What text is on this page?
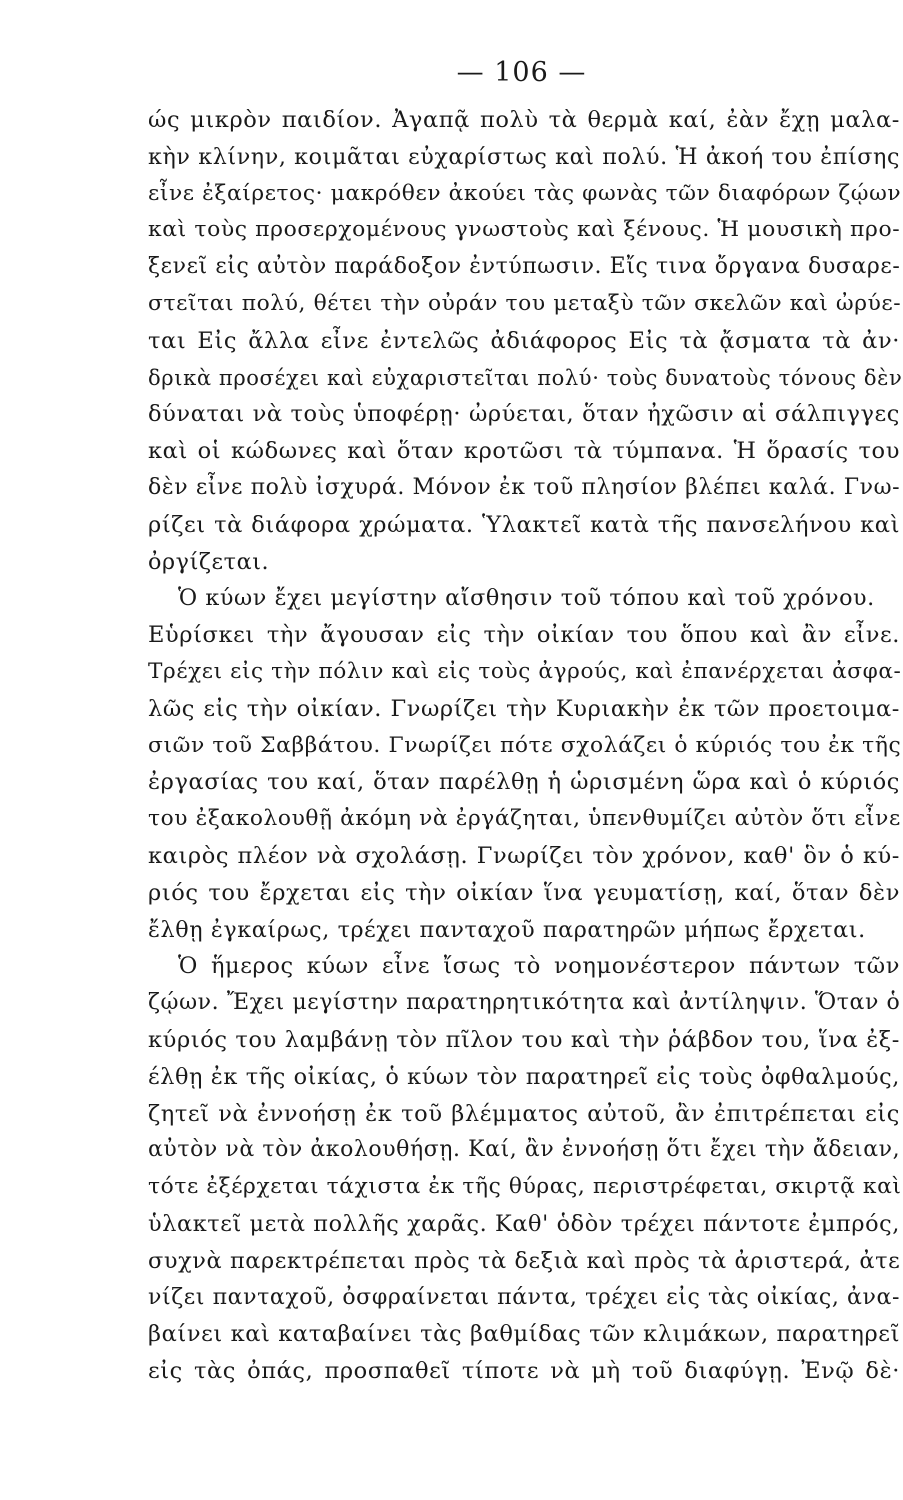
— 106 —
ώς μικρὸν παιδίον. Ἀγαπᾷ πολὺ τὰ θερμὰ καί, ἐὰν ἔχῃ μαλα-
κὴν κλίνην, κοιμᾶται εὐχαρίστως καὶ πολύ. Ἡ ἀκοή του ἐπίσης
εἶνε ἐξαίρετος· μακρόθεν ἀκούει τὰς φωνὰς τῶν διαφόρων ζῴων
καὶ τοὺς προσερχομένους γνωστοὺς καὶ ξένους. Ἡ μουσικὴ προ-
ξενεῖ εἰς αὐτὸν παράδοξον ἐντύπωσιν. Εἴς τινα ὄργανα δυσαρε-
στεῖται πολύ, θέτει τὴν οὐράν του μεταξὺ τῶν σκελῶν καὶ ὠρύε-
ται Εἰς ἄλλα εἶνε ἐντελῶς ἀδιάφορος Εἰς τὰ ᾄσματα τὰ ἀν·
δρικὰ προσέχει καὶ εὐχαριστεῖται πολύ· τοὺς δυνατοὺς τόνους δὲν
δύναται νὰ τοὺς ὑποφέρῃ· ὠρύεται, ὅταν ἠχῶσιν αἱ σάλπιγγες
καὶ οἱ κώδωνες καὶ ὅταν κροτῶσι τὰ τύμπανα. Ἡ ὅρασίς του
δὲν εἶνε πολὺ ἰσχυρά. Μόνον ἐκ τοῦ πλησίον βλέπει καλά. Γνω-
ρίζει τὰ διάφορα χρώματα. Ὑλακτεῖ κατὰ τῆς πανσελήνου καὶ
ὀργίζεται.
Ὁ κύων ἔχει μεγίστην αἴσθησιν τοῦ τόπου καὶ τοῦ χρόνου.
Εὑρίσκει τὴν ἄγουσαν εἰς τὴν οἰκίαν του ὅπου καὶ ἂν εἶνε.
Τρέχει εἰς τὴν πόλιν καὶ εἰς τοὺς ἀγρούς, καὶ ἐπανέρχεται ἀσφα-
λῶς εἰς τὴν οἰκίαν. Γνωρίζει τὴν Κυριακὴν ἐκ τῶν προετοιμα-
σιῶν τοῦ Σαββάτου. Γνωρίζει πότε σχολάζει ὁ κύριός του ἐκ τῆς
ἐργασίας του καί, ὅταν παρέλθῃ ἡ ὡρισμένη ὥρα καὶ ὁ κύριός
του ἐξακολουθῇ ἀκόμη νὰ ἐργάζηται, ὑπενθυμίζει αὐτὸν ὅτι εἶνε
καιρὸς πλέον νὰ σχολάσῃ. Γνωρίζει τὸν χρόνον, καθ' ὃν ὁ κύ-
ριός του ἔρχεται εἰς τὴν οἰκίαν ἵνα γευματίσῃ, καί, ὅταν δὲν
ἔλθῃ ἐγκαίρως, τρέχει πανταχοῦ παρατηρῶν μήπως ἔρχεται.
Ὁ ἥμερος κύων εἶνε ἴσως τὸ νοημονέστερον πάντων τῶν
ζῴων. Ἔχει μεγίστην παρατηρητικότητα καὶ ἀντίληψιν. Ὅταν ὁ
κύριός του λαμβάνῃ τὸν πῖλον του καὶ τὴν ῥάβδον του, ἵνα ἐξ-
έλθῃ ἐκ τῆς οἰκίας, ὁ κύων τὸν παρατηρεῖ εἰς τοὺς ὀφθαλμούς,
ζητεῖ νὰ ἐννοήσῃ ἐκ τοῦ βλέμματος αὐτοῦ, ἂν ἐπιτρέπεται εἰς
αὐτὸν νὰ τὸν ἀκολουθήσῃ. Καί, ἂν ἐννοήσῃ ὅτι ἔχει τὴν ἄδειαν,
τότε ἐξέρχεται τάχιστα ἐκ τῆς θύρας, περιστρέφεται, σκιρτᾷ καὶ
ὑλακτεῖ μετὰ πολλῆς χαρᾶς. Καθ' ὁδὸν τρέχει πάντοτε ἐμπρός,
συχνὰ παρεκτρέπεται πρὸς τὰ δεξιὰ καὶ πρὸς τὰ ἀριστερά, ἀτε
νίζει πανταχοῦ, ὀσφραίνεται πάντα, τρέχει εἰς τὰς οἰκίας, ἀνα-
βαίνει καὶ καταβαίνει τὰς βαθμίδας τῶν κλιμάκων, παρατηρεῖ
εἰς τὰς ὀπάς, προσπαθεῖ τίποτε νὰ μὴ τοῦ διαφύγῃ. Ἐνῷ δὲ·
